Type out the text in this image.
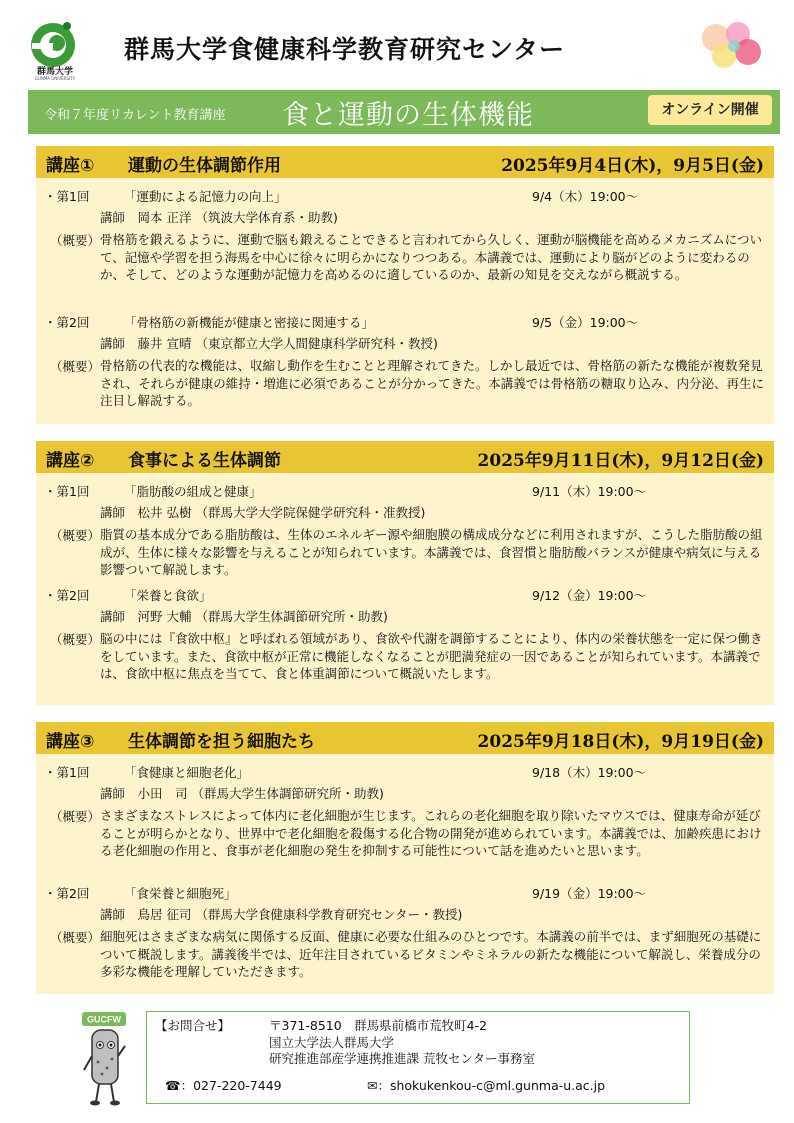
群馬大学
GUNMA UNIVERSITY
群馬大学食健康科学教育研究センター
令和７年度リカレント教育講座 食と運動の生体機能	オンライン開催
講座① 運動の生体調節作用	2025年9月4日(木)，9月5日(金)
・第1回	「運動による記憶力の向上」	9/4（木）19:00〜
講師　岡本 正洋 （筑波大学体育系・助教)
（概要） 骨格筋を鍛えるように、運動で脳も鍛えることできると言われてから久しく、運動が脳機能を高めるメカニズムについて、記憶や学習を担う海馬を中心に徐々に明らかになりつつある。本講義では、運動により脳がどのように変わるのか、そして、どのような運動が記憶力を高めるのに適しているのか、最新の知見を交えながら概説する。
・第2回	「骨格筋の新機能が健康と密接に関連する」	9/5（金）19:00〜
講師　藤井 宣晴 （東京都立大学人間健康科学研究科・教授)
（概要） 骨格筋の代表的な機能は、収縮し動作を生むことと理解されてきた。しかし最近では、骨格筋の新たな機能が複数発見され、それらが健康の維持・増進に必須であることが分かってきた。本講義では骨格筋の糖取り込み、内分泌、再生に注目し解説する。
講座② 食事による生体調節	2025年9月11日(木)，9月12日(金)
・第1回	「脂肪酸の組成と健康」	9/11（木）19:00〜
講師　松井 弘樹 （群馬大学大学院保健学研究科・准教授)
（概要） 脂質の基本成分である脂肪酸は、生体のエネルギー源や細胞膜の構成成分などに利用されますが、こうした脂肪酸の組成が、生体に様々な影響を与えることが知られています。本講義では、食習慣と脂肪酸バランスが健康や病気に与える影響ついて解説します。
・第2回	「栄養と食欲」	9/12（金）19:00〜
講師　河野 大輔 （群馬大学生体調節研究所・助教)
（概要） 脳の中には『食欲中枢』と呼ばれる領域があり、食欲や代謝を調節することにより、体内の栄養状態を一定に保つ働きをしています。また、食欲中枢が正常に機能しなくなることが肥満発症の一因であることが知られています。本講義では、食欲中枢に焦点を当てて、食と体重調節について概説いたします。
講座③ 生体調節を担う細胞たち	2025年9月18日(木)，9月19日(金)
・第1回	「食健康と細胞老化」	9/18（木）19:00〜
講師　小田　司 （群馬大学生体調節研究所・助教)
（概要） さまざまなストレスによって体内に老化細胞が生じます。これらの老化細胞を取り除いたマウスでは、健康寿命が延びることが明らかとなり、世界中で老化細胞を殺傷する化合物の開発が進められています。本講義では、加齢疾患における老化細胞の作用と、食事が老化細胞の発生を抑制する可能性について話を進めたいと思います。
・第2回	「食栄養と細胞死」	9/19（金）19:00〜
講師　鳥居 征司 （群馬大学食健康科学教育研究センター・教授)
（概要） 細胞死はさまざまな病気に関係する反面、健康に必要な仕組みのひとつです。本講義の前半では、まず細胞死の基礎について概説します。講義後半では、近年注目されているビタミンやミネラルの新たな機能について解説し、栄養成分の多彩な機能を理解していただきます。
GUCFW	【お問合せ】	〒371-8510　群馬県前橋市荒牧町4-2
国立大学法人群馬大学
研究推進部産学連携推進課 荒牧センター事務室
☎：027-220-7449	✉：shokukenkou-c@ml.gunma-u.ac.jp
